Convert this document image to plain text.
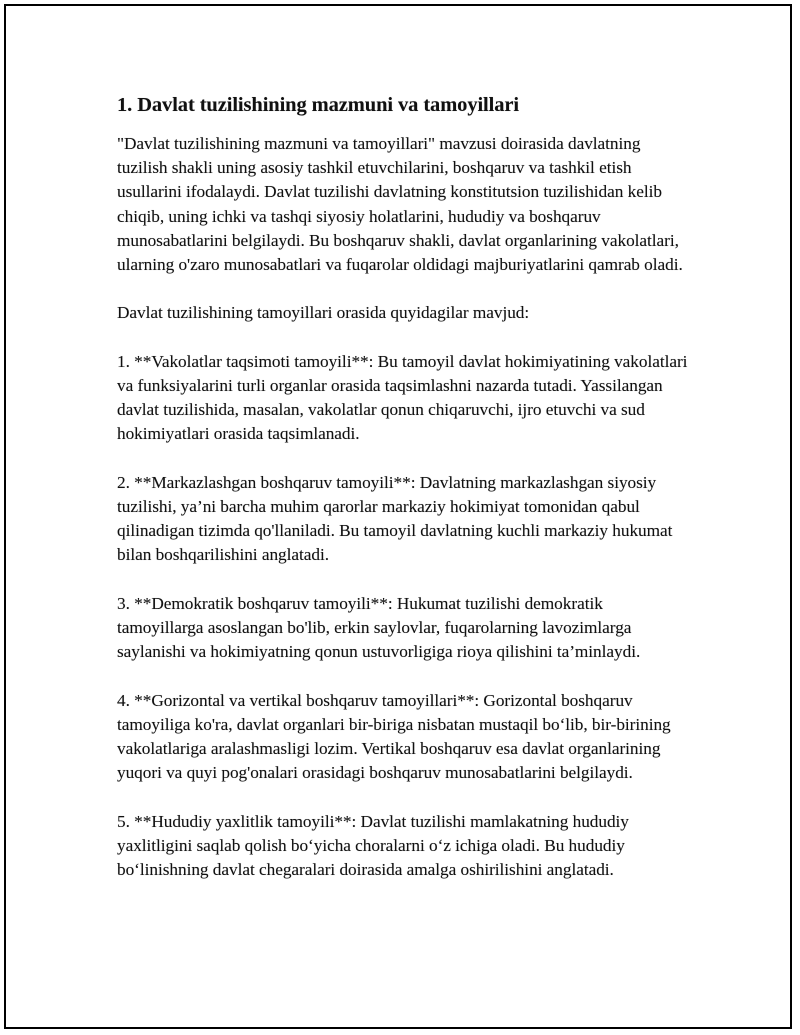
1. Davlat tuzilishining mazmuni va tamoyillari

"Davlat tuzilishining mazmuni va tamoyillari" mavzusi doirasida davlatning tuzilish shakli uning asosiy tashkil etuvchilarini, boshqaruv va tashkil etish usullarini ifodalaydi. Davlat tuzilishi davlatning konstitutsion tuzilishidan kelib chiqib, uning ichki va tashqi siyosiy holatlarini, hududiy va boshqaruv munosabatlarini belgilaydi. Bu boshqaruv shakli, davlat organlarining vakolatlari, ularning o'zaro munosabatlari va fuqarolar oldidagi majburiyatlarini qamrab oladi.

Davlat tuzilishining tamoyillari orasida quyidagilar mavjud:

1. **Vakolatlar taqsimoti tamoyili**: Bu tamoyil davlat hokimiyatining vakolatlari va funksiyalarini turli organlar orasida taqsimlashni nazarda tutadi. Yassilangan davlat tuzilishida, masalan, vakolatlar qonun chiqaruvchi, ijro etuvchi va sud hokimiyatlari orasida taqsimlanadi.

2. **Markazlashgan boshqaruv tamoyili**: Davlatning markazlashgan siyosiy tuzilishi, ya’ni barcha muhim qarorlar markaziy hokimiyat tomonidan qabul qilinadigan tizimda qo'llaniladi. Bu tamoyil davlatning kuchli markaziy hukumat bilan boshqarilishini anglatadi.

3. **Demokratik boshqaruv tamoyili**: Hukumat tuzilishi demokratik tamoyillarga asoslangan bo'lib, erkin saylovlar, fuqarolarning lavozimlarga saylanishi va hokimiyatning qonun ustuvorligiga rioya qilishini ta’minlaydi.

4. **Gorizontal va vertikal boshqaruv tamoyillari**: Gorizontal boshqaruv tamoyiliga ko'ra, davlat organlari bir-biriga nisbatan mustaqil bo‘lib, bir-birining vakolatlariga aralashmasligi lozim. Vertikal boshqaruv esa davlat organlarining yuqori va quyi pog'onalari orasidagi boshqaruv munosabatlarini belgilaydi.

5. **Hududiy yaxlitlik tamoyili**: Davlat tuzilishi mamlakatning hududiy yaxlitligini saqlab qolish bo‘yicha choralarni o‘z ichiga oladi. Bu hududiy bo‘linishning davlat chegaralari doirasida amalga oshirilishini anglatadi.
